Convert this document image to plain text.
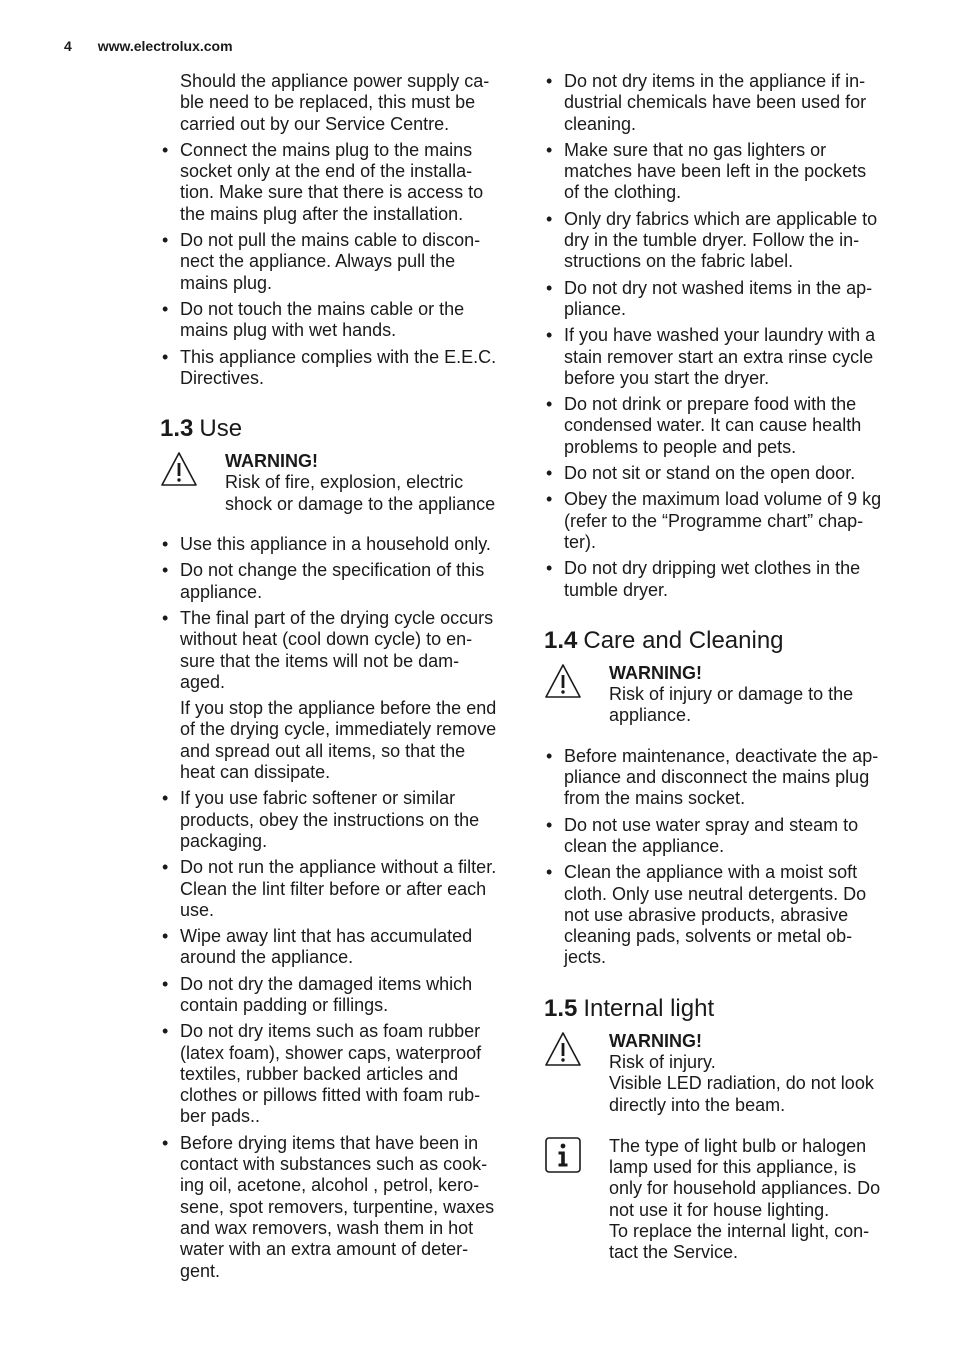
4 www.electrolux.com
Should the appliance power supply ca-
ble need to be replaced, this must be
carried out by our Service Centre.
• Connect the mains plug to the mains
socket only at the end of the installa-
tion. Make sure that there is access to
the mains plug after the installation.
• Do not pull the mains cable to discon-
nect the appliance. Always pull the
mains plug.
• Do not touch the mains cable or the
mains plug with wet hands.
• This appliance complies with the E.E.C.
Directives.
1.3 Use
WARNING!
Risk of fire, explosion, electric
shock or damage to the appliance
• Use this appliance in a household only.
• Do not change the specification of this
appliance.
• The final part of the drying cycle occurs
without heat (cool down cycle) to en-
sure that the items will not be dam-
aged.
If you stop the appliance before the end
of the drying cycle, immediately remove
and spread out all items, so that the
heat can dissipate.
• If you use fabric softener or similar
products, obey the instructions on the
packaging.
• Do not run the appliance without a filter.
Clean the lint filter before or after each
use.
• Wipe away lint that has accumulated
around the appliance.
• Do not dry the damaged items which
contain padding or fillings.
• Do not dry items such as foam rubber
(latex foam), shower caps, waterproof
textiles, rubber backed articles and
clothes or pillows fitted with foam rub-
ber pads..
• Before drying items that have been in
contact with substances such as cook-
ing oil, acetone, alcohol , petrol, kero-
sene, spot removers, turpentine, waxes
and wax removers, wash them in hot
water with an extra amount of deter-
gent.
• Do not dry items in the appliance if in-
dustrial chemicals have been used for
cleaning.
• Make sure that no gas lighters or
matches have been left in the pockets
of the clothing.
• Only dry fabrics which are applicable to
dry in the tumble dryer. Follow the in-
structions on the fabric label.
• Do not dry not washed items in the ap-
pliance.
• If you have washed your laundry with a
stain remover start an extra rinse cycle
before you start the dryer.
• Do not drink or prepare food with the
condensed water. It can cause health
problems to people and pets.
• Do not sit or stand on the open door.
• Obey the maximum load volume of 9 kg
(refer to the “Programme chart” chap-
ter).
• Do not dry dripping wet clothes in the
tumble dryer.
1.4 Care and Cleaning
WARNING!
Risk of injury or damage to the
appliance.
• Before maintenance, deactivate the ap-
pliance and disconnect the mains plug
from the mains socket.
• Do not use water spray and steam to
clean the appliance.
• Clean the appliance with a moist soft
cloth. Only use neutral detergents. Do
not use abrasive products, abrasive
cleaning pads, solvents or metal ob-
jects.
1.5 Internal light
WARNING!
Risk of injury.
Visible LED radiation, do not look
directly into the beam.
The type of light bulb or halogen
lamp used for this appliance, is
only for household appliances. Do
not use it for house lighting.
To replace the internal light, con-
tact the Service.
